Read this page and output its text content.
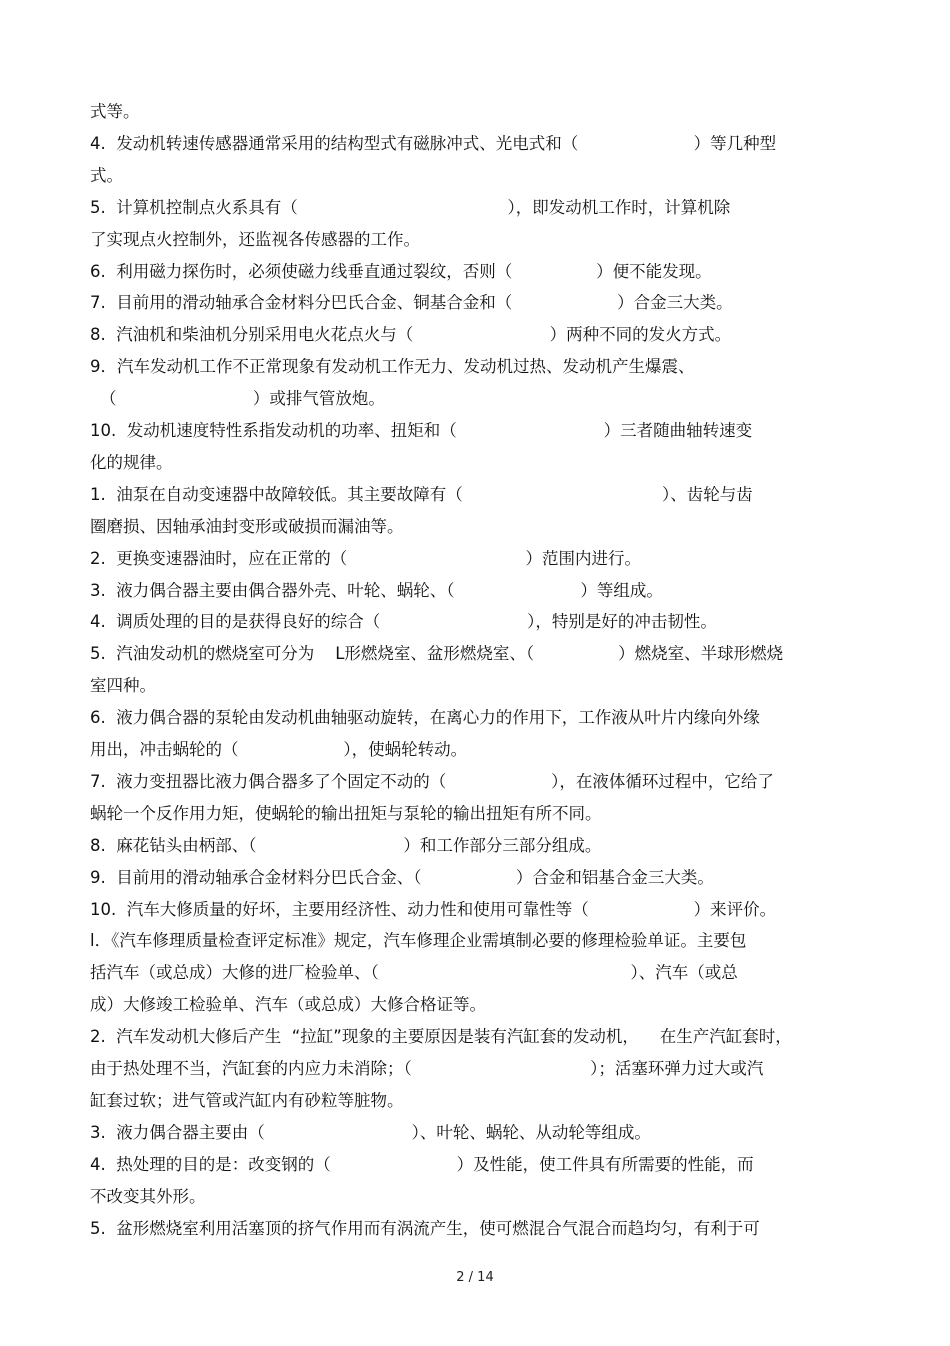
式等。
4.  发动机转速传感器通常采用的结构型式有磁脉冲式、光电式和（                      ）等几种型
式。
5.  计算机控制点火系具有（                                        ），即发动机工作时，计算机除
了实现点火控制外，还监视各传感器的工作。
6.  利用磁力探伤时，必须使磁力线垂直通过裂纹，否则（                ）便不能发现。
7.  目前用的滑动轴承合金材料分巴氏合金、铜基合金和（                    ）合金三大类。
8.  汽油机和柴油机分别采用电火花点火与（                          ）两种不同的发火方式。
9．汽车发动机工作不正常现象有发动机工作无力、发动机过热、发动机产生爆震、
（                          ）或排气管放炮。
10.  发动机速度特性系指发动机的功率、扭矩和（                            ）三者随曲轴转速变
化的规律。
1.  油泵在自动变速器中故障较低。其主要故障有（                                      ）、齿轮与齿
圈磨损、因轴承油封变形或破损而漏油等。
2.  更换变速器油时，应在正常的（                                  ）范围内进行。
3.  液力偶合器主要由偶合器外壳、叶轮、蜗轮、（                        ）等组成。
4.  调质处理的目的是获得良好的综合（                            ），特别是好的冲击韧性。
5.  汽油发动机的燃烧室可分为    L形燃烧室、盆形燃烧室、（                ）燃烧室、半球形燃烧
室四种。
6.  液力偶合器的泵轮由发动机曲轴驱动旋转，在离心力的作用下，工作液从叶片内缘向外缘
用出，冲击蜗轮的（                    ），使蜗轮转动。
7.  液力变扭器比液力偶合器多了个固定不动的（                    ），在液体循环过程中，它给了
蜗轮一个反作用力矩，使蜗轮的输出扭矩与泵轮的输出扭矩有所不同。
8.  麻花钻头由柄部、（                            ）和工作部分三部分组成。
9.  目前用的滑动轴承合金材料分巴氏合金、（                  ）合金和铝基合金三大类。
10.  汽车大修质量的好坏，主要用经济性、动力性和使用可靠性等（                    ）来评价。
l．《汽车修理质量检查评定标准》规定，汽车修理企业需填制必要的修理检验单证。主要包
括汽车（或总成）大修的进厂检验单、（                                                ）、汽车（或总
成）大修竣工检验单、汽车（或总成）大修合格证等。
2.  汽车发动机大修后产生  “拉缸”现象的主要原因是装有汽缸套的发动机，    在生产汽缸套时，
由于热处理不当，汽缸套的内应力未消除；（                                  ）；活塞环弹力过大或汽
缸套过软；进气管或汽缸内有砂粒等脏物。
3.  液力偶合器主要由（                            ）、叶轮、蜗轮、从动轮等组成。
4.  热处理的目的是：改变钢的（                        ）及性能，使工件具有所需要的性能，而
不改变其外形。
5.  盆形燃烧室利用活塞顶的挤气作用而有涡流产生，使可燃混合气混合而趋均匀，有利于可
2 / 14
